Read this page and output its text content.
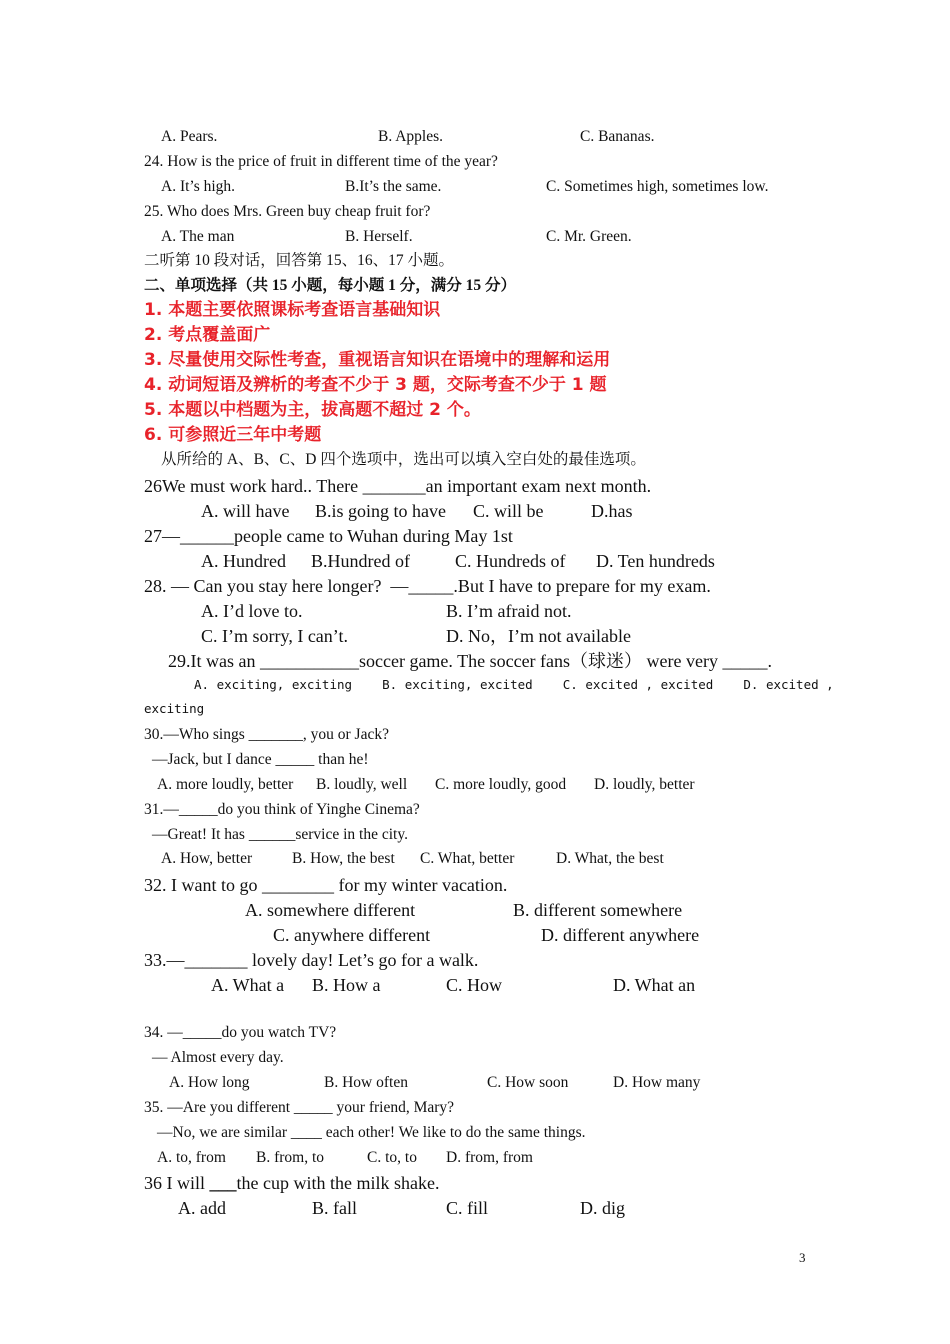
A. Pears.	B. Apples.	C. Bananas.
24. How is the price of fruit in different time of the year?
A. It’s high.	B.It’s the same.	C. Sometimes high, sometimes low.
25. Who does Mrs. Green buy cheap fruit for?
A. The man	B. Herself.	C. Mr. Green.
二听第 10 段对话，回答第 15、16、17 小题。
二、单项选择（共 15 小题，每小题 1 分，满分 15 分）
1. 本题主要依照课标考查语言基础知识
2. 考点覆盖面广
3. 尽量使用交际性考查，重视语言知识在语境中的理解和运用
4. 动词短语及辨析的考查不少于 3 题，交际考查不少于 1 题
5. 本题以中档题为主，拔高题不超过 2 个。
6. 可参照近三年中考题
从所给的 A、B、C、D 四个选项中，选出可以填入空白处的最佳选项。
26We must work hard.. There _______an important exam next month.
A. will have B.is going to have C. will be	D.has
27—______people came to Wuhan during May 1st
A. Hundred B.Hundred of	C. Hundreds of D. Ten hundreds
28. — Can you stay here longer?  —_____.But I have to prepare for my exam.
A. I’d love to.	B. I’m afraid not.
C. I’m sorry, I can’t.	D. No，I’m not available
29.It was an ___________soccer game. The soccer fans（球迷） were very _____.
A. exciting, exciting    B. exciting, excited    C. excited , excited    D. excited ,
exciting
30.—Who sings _______, you or Jack?
—Jack, but I dance _____ than he!
A. more loudly, better B. loudly, well C. more loudly, good D. loudly, better
31.—_____do you think of Yinghe Cinema?
—Great! It has ______service in the city.
A. How, better	B. How, the best C. What, better	D. What, the best
32. I want to go ________ for my winter vacation.
A. somewhere different	B. different somewhere
C. anywhere different	D. different anywhere
33.—_______ lovely day! Let’s go for a walk.
A. What a B. How a	C. How	D. What an
34. —_____do you watch TV?
— Almost every day.
A. How long	B. How often	C. How soon	D. How many
35. —Are you different _____ your friend, Mary?
—No, we are similar ____ each other! We like to do the same things.
A. to, from B. from, to	C. to, to D. from, from
36 I will ___the cup with the milk shake.
A. add	B. fall	C. fill	D. dig
3
